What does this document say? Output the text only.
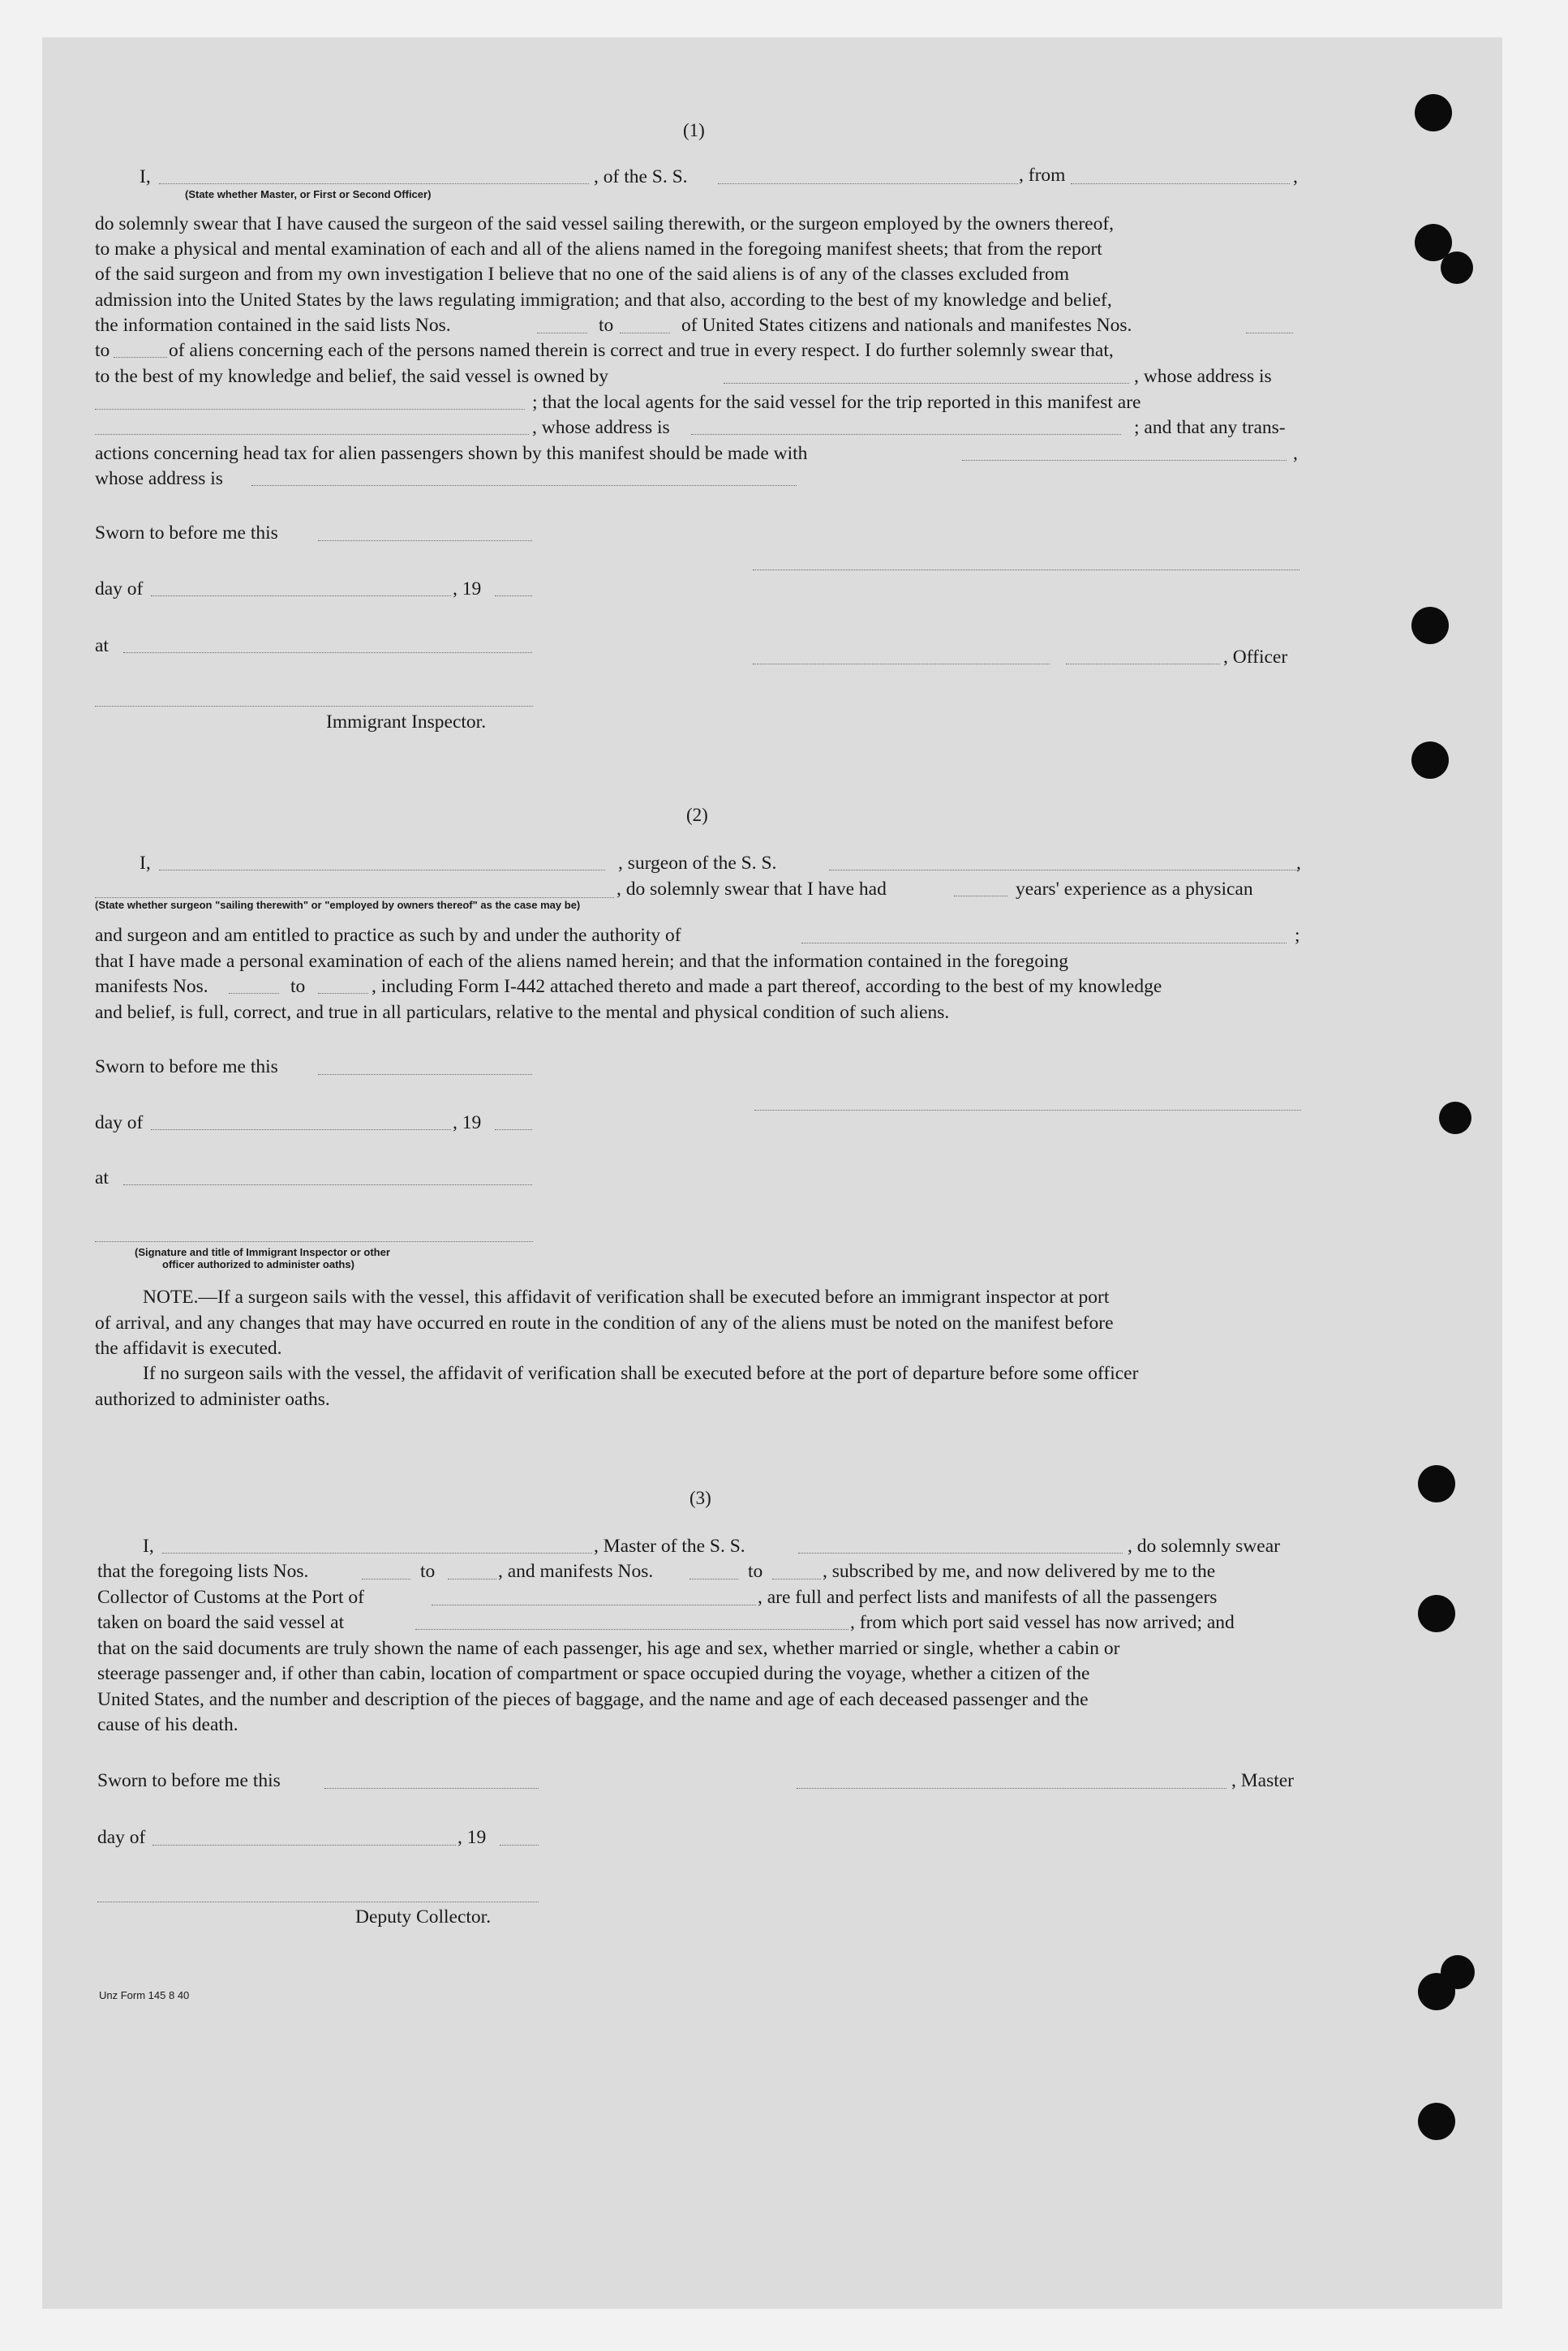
(1)
I,	, of the S. S.	, from	,
(State whether Master, or First or Second Officer)
do solemnly swear that I have caused the surgeon of the said vessel sailing therewith, or the surgeon employed by the owners thereof,
to make a physical and mental examination of each and all of the aliens named in the foregoing manifest sheets; that from the report
of the said surgeon and from my own investigation I believe that no one of the said aliens is of any of the classes excluded from
admission into the United States by the laws regulating immigration; and that also, according to the best of my knowledge and belief,
the information contained in the said lists Nos.	to	of United States citizens and nationals and manifestes Nos.
to	of aliens concerning each of the persons named therein is correct and true in every respect. I do further solemnly swear that,
to the best of my knowledge and belief, the said vessel is owned by	, whose address is
; that the local agents for the said vessel for the trip reported in this manifest are
, whose address is	; and that any trans-
actions concerning head tax for alien passengers shown by this manifest should be made with	,
whose address is
Sworn to before me this
day of	, 19
at
, Officer
Immigrant Inspector.
(2)
I,	, surgeon of the S. S.	,
, do solemnly swear that I have had	years' experience as a physican
(State whether surgeon "sailing therewith" or "employed by owners thereof" as the case may be)
and surgeon and am entitled to practice as such by and under the authority of	;
that I have made a personal examination of each of the aliens named herein; and that the information contained in the foregoing
manifests Nos.	to	, including Form I-442 attached thereto and made a part thereof, according to the best of my knowledge
and belief, is full, correct, and true in all particulars, relative to the mental and physical condition of such aliens.
Sworn to before me this
day of	, 19
at
(Signature and title of Immigrant Inspector or other
officer authorized to administer oaths)
NOTE.—If a surgeon sails with the vessel, this affidavit of verification shall be executed before an immigrant inspector at port
of arrival, and any changes that may have occurred en route in the condition of any of the aliens must be noted on the manifest before
the affidavit is executed.
If no surgeon sails with the vessel, the affidavit of verification shall be executed before at the port of departure before some officer
authorized to administer oaths.
(3)
I,	, Master of the S. S.	, do solemnly swear
that the foregoing lists Nos.	to	, and manifests Nos.	to	, subscribed by me, and now delivered by me to the
Collector of Customs at the Port of	, are full and perfect lists and manifests of all the passengers
taken on board the said vessel at	, from which port said vessel has now arrived; and
that on the said documents are truly shown the name of each passenger, his age and sex, whether married or single, whether a cabin or
steerage passenger and, if other than cabin, location of compartment or space occupied during the voyage, whether a citizen of the
United States, and the number and description of the pieces of baggage, and the name and age of each deceased passenger and the
cause of his death.
Sworn to before me this	, Master
day of	, 19
Deputy Collector.
Unz Form 145 8 40
